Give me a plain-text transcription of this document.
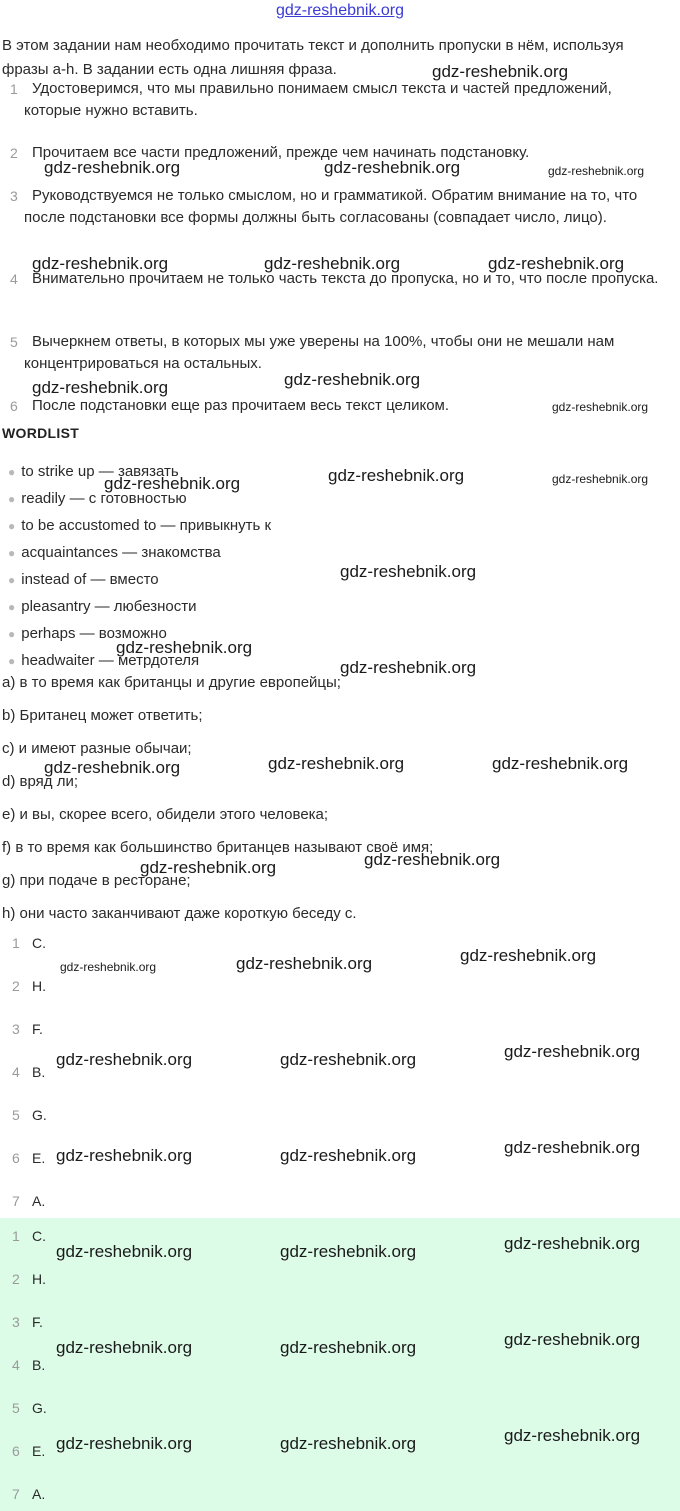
gdz-reshebnik.org
В этом задании нам необходимо прочитать текст и дополнить пропуски в нём, используя фразы a-h. В задании есть одна лишняя фраза.
1 Удостоверимся, что мы правильно понимаем смысл текста и частей предложений, которые нужно вставить.
2 Прочитаем все части предложений, прежде чем начинать подстановку.
3 Руководствуемся не только смыслом, но и грамматикой. Обратим внимание на то, что после подстановки все формы должны быть согласованы (совпадает число, лицо).
4 Внимательно прочитаем не только часть текста до пропуска, но и то, что после пропуска.
5 Вычеркнем ответы, в которых мы уже уверены на 100%, чтобы они не мешали нам концентрироваться на остальных.
6 После подстановки еще раз прочитаем весь текст целиком.
WORDLIST
● to strike up — завязать
● readily — с готовностью
● to be accustomed to — привыкнуть к
● acquaintances — знакомства
● instead of — вместо
● pleasantry — любезности
● perhaps — возможно
● headwaiter — метрдотеля
a) в то время как британцы и другие европейцы;
b) Британец может ответить;
c) и имеют разные обычаи;
d) вряд ли;
e) и вы, скорее всего, обидели этого человека;
f) в то время как большинство британцев называют своё имя;
g) при подаче в ресторане;
h) они часто заканчивают даже короткую беседу с.
1 C.
2 H.
3 F.
4 B.
5 G.
6 E.
7 A.
1 C.
2 H.
3 F.
4 B.
5 G.
6 E.
7 A.
gdz-reshebnik.org
gdz-reshebnik.org	gdz-reshebnik.org	gdz-reshebnik.org
gdz-reshebnik.org	gdz-reshebnik.org	gdz-reshebnik.org
gdz-reshebnik.org
gdz-reshebnik.org
gdz-reshebnik.org
gdz-reshebnik.org	gdz-reshebnik.org
gdz-reshebnik.org
gdz-reshebnik.org
gdz-reshebnik.org
gdz-reshebnik.org
gdz-reshebnik.org	gdz-reshebnik.org
gdz-reshebnik.org
gdz-reshebnik.org
gdz-reshebnik.org
gdz-reshebnik.org
gdz-reshebnik.org
gdz-reshebnik.org
gdz-reshebnik.org
gdz-reshebnik.org	gdz-reshebnik.org
gdz-reshebnik.org
gdz-reshebnik.org	gdz-reshebnik.org
gdz-reshebnik.org
gdz-reshebnik.org	gdz-reshebnik.org
gdz-reshebnik.org
gdz-reshebnik.org	gdz-reshebnik.org
gdz-reshebnik.org
gdz-reshebnik.org	gdz-reshebnik.org
